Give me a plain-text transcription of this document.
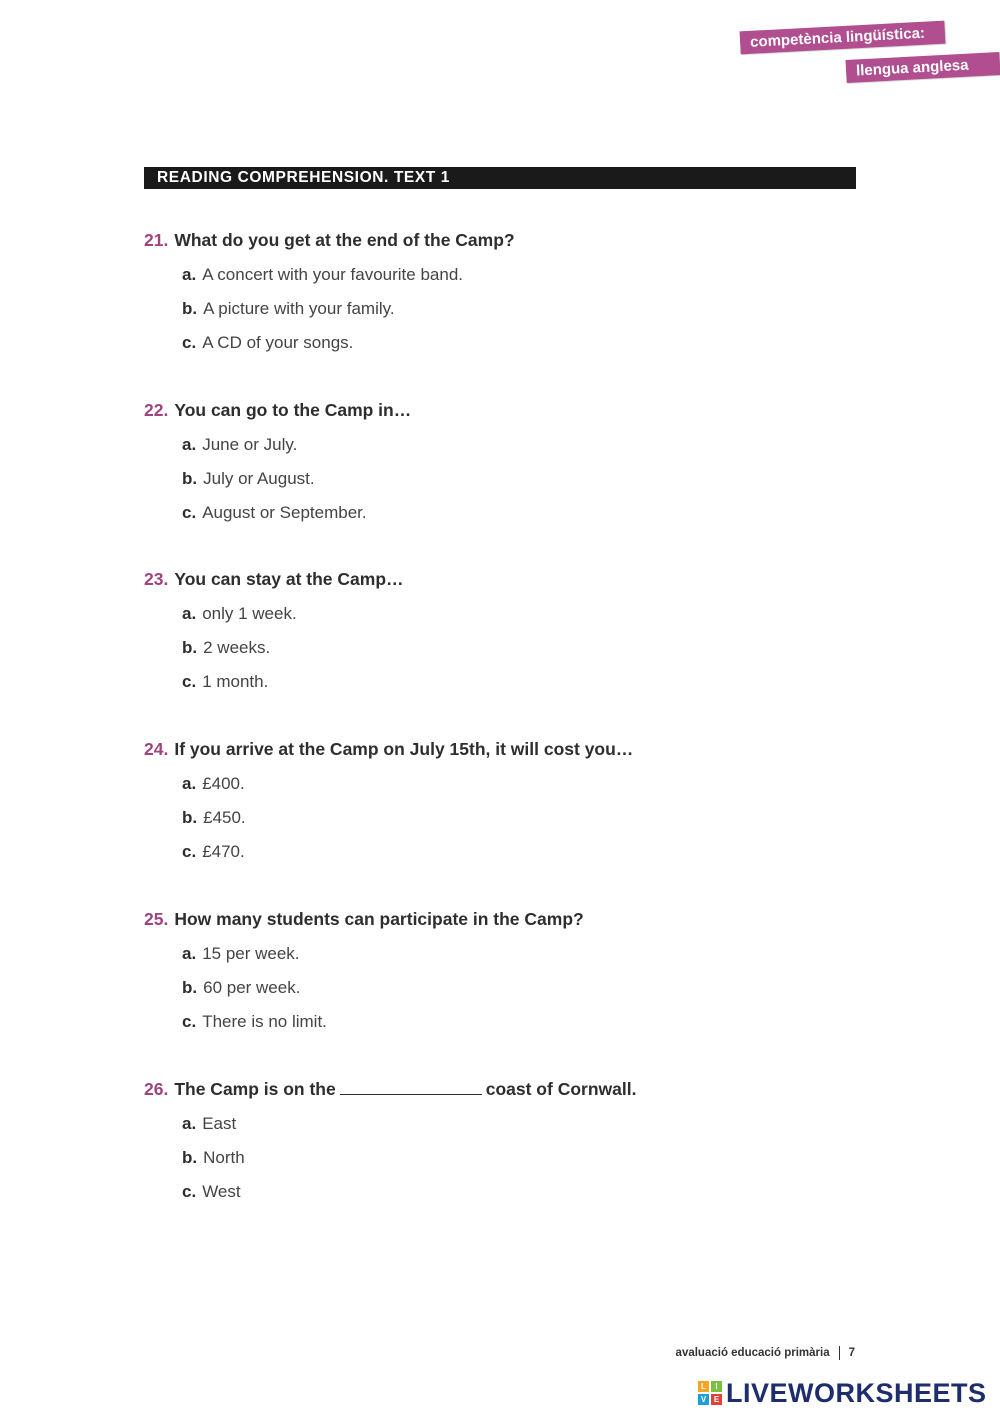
competència lingüística:
llengua anglesa
READING COMPREHENSION. TEXT 1
21. What do you get at the end of the Camp?
a. A concert with your favourite band.
b. A picture with your family.
c. A CD of your songs.
22. You can go to the Camp in…
a. June or July.
b. July or August.
c. August or September.
23. You can stay at the Camp…
a. only 1 week.
b. 2 weeks.
c. 1 month.
24. If you arrive at the Camp on July 15th, it will cost you…
a. £400.
b. £450.
c. £470.
25. How many students can participate in the Camp?
a. 15 per week.
b. 60 per week.
c. There is no limit.
26. The Camp is on the	coast of Cornwall.
a. East
b. North
c. West
avaluació educació primària 7
L	I
V E LIVEWORKSHEETS
